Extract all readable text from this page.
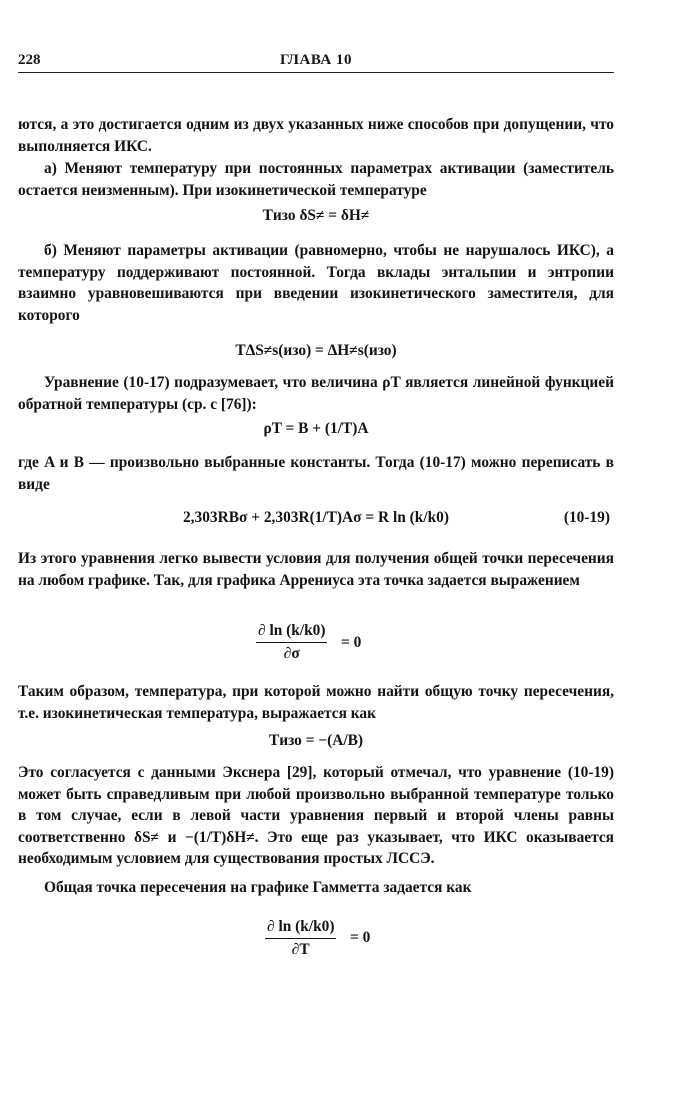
228	ГЛАВА 10
ются, а это достигается одним из двух указанных ниже способов при допущении, что выполняется ИКС.
а) Меняют температуру при постоянных параметрах активации (заместитель остается неизменным). При изокинетической температуре
Tизо δS≠ = δH≠
б) Меняют параметры активации (равномерно, чтобы не нарушалось ИКС), а температуру поддерживают постоянной. Тогда вклады энтальпии и энтропии взаимно уравновешиваются при введении изокинетического заместителя, для которого
TΔS≠s(изо) = ΔH≠s(изо)
Уравнение (10-17) подразумевает, что величина ρT является линейной функцией обратной температуры (ср. с [76]):
ρT = B + (1/T)A
где A и B — произвольно выбранные константы. Тогда (10-17) можно переписать в виде
2,303RBσ + 2,303R(1/T)Aσ = R ln (k/k0)	(10-19)
Из этого уравнения легко вывести условия для получения общей точки пересечения на любом графике. Так, для графика Аррениуса эта точка задается выражением
$\frac{\partial \ln (k/k0)}{\partial\sigma} = 0$
Таким образом, температура, при которой можно найти общую точку пересечения, т.е. изокинетическая температура, выражается как
Tизо = −(A/B)
Это согласуется с данными Экснера [29], который отмечал, что уравнение (10-19) может быть справедливым при любой произвольно выбранной температуре только в том случае, если в левой части уравнения первый и второй члены равны соответственно δS≠ и −(1/T)δH≠. Это еще раз указывает, что ИКС оказывается необходимым условием для существования простых ЛСCЭ.
Общая точка пересечения на графике Гамметта задается как
$\frac{\partial \ln (k/k0)}{\partial T} = 0$
